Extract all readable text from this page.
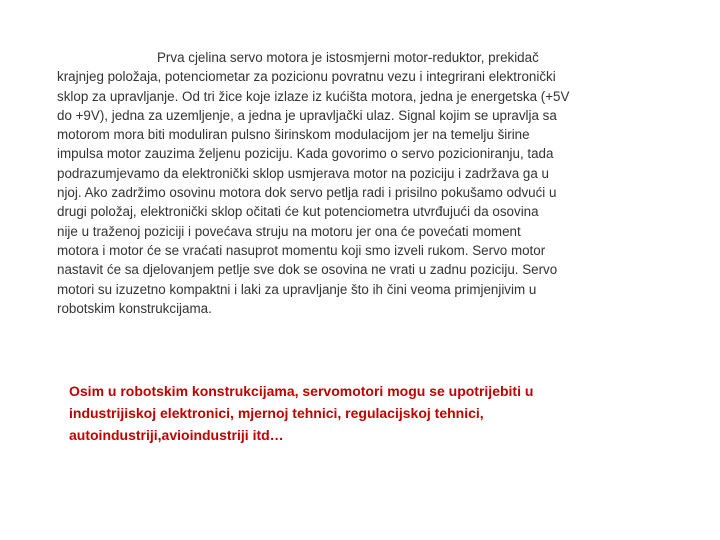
Prva cjelina servo motora je istosmjerni motor-reduktor, prekidač
krajnjeg položaja, potenciometar za pozicionu povratnu vezu i integrirani elektronički
sklop za upravljanje. Od tri žice koje izlaze iz kućišta motora, jedna je energetska (+5V
do +9V), jedna za uzemljenje, a jedna je upravljački ulaz. Signal kojim se upravlja sa
motorom mora biti moduliran pulsno širinskom modulacijom jer na temelju širine
impulsa motor zauzima željenu poziciju. Kada govorimo o servo pozicioniranju, tada
podrazumjevamo da elektronički sklop usmjerava motor na poziciju i zadržava ga u
njoj. Ako zadržimo osovinu motora dok servo petlja radi i prisilno pokušamo odvući u
drugi položaj, elektronički sklop očitati će kut potenciometra utvrđujući da osovina
nije u traženoj poziciji i povećava struju na motoru jer ona će povećati moment
motora i motor će se vraćati nasuprot momentu koji smo izveli rukom. Servo motor
nastavit će sa djelovanjem petlje sve dok se osovina ne vrati u zadnu poziciju. Servo
motori su izuzetno kompaktni i laki za upravljanje što ih čini veoma primjenjivim u
robotskim konstrukcijama.

Osim u robotskim konstrukcijama, servomotori mogu se upotrijebiti u
industrijiskoj elektronici, mjernoj tehnici, regulacijskoj tehnici,
autoindustriji,avioindustriji itd…
